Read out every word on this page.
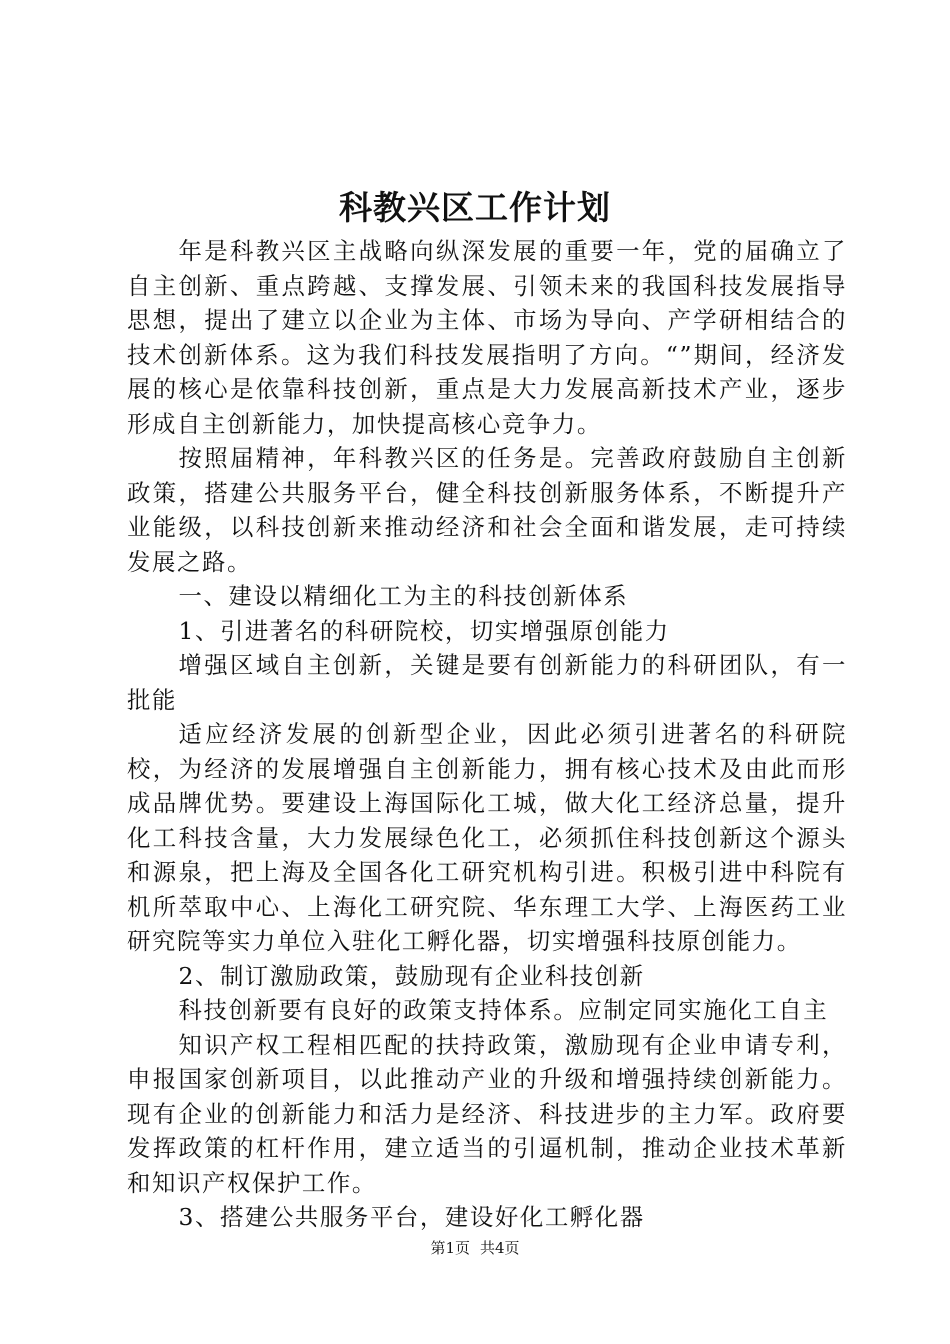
科教兴区工作计划

年是科教兴区主战略向纵深发展的重要一年，党的届确立了自主创新、重点跨越、支撑发展、引领未来的我国科技发展指导思想，提出了建立以企业为主体、市场为导向、产学研相结合的技术创新体系。这为我们科技发展指明了方向。“”期间，经济发展的核心是依靠科技创新，重点是大力发展高新技术产业，逐步形成自主创新能力，加快提高核心竞争力。

按照届精神，年科教兴区的任务是。完善政府鼓励自主创新政策，搭建公共服务平台，健全科技创新服务体系，不断提升产业能级，以科技创新来推动经济和社会全面和谐发展，走可持续发展之路。

一、建设以精细化工为主的科技创新体系

1、引进著名的科研院校，切实增强原创能力

增强区域自主创新，关键是要有创新能力的科研团队，有一批能

适应经济发展的创新型企业，因此必须引进著名的科研院校，为经济的发展增强自主创新能力，拥有核心技术及由此而形成品牌优势。要建设上海国际化工城，做大化工经济总量，提升化工科技含量，大力发展绿色化工，必须抓住科技创新这个源头和源泉，把上海及全国各化工研究机构引进。积极引进中科院有机所萃取中心、上海化工研究院、华东理工大学、上海医药工业研究院等实力单位入驻化工孵化器，切实增强科技原创能力。

2、制订激励政策，鼓励现有企业科技创新

科技创新要有良好的政策支持体系。应制定同实施化工自主

知识产权工程相匹配的扶持政策，激励现有企业申请专利，申报国家创新项目，以此推动产业的升级和增强持续创新能力。现有企业的创新能力和活力是经济、科技进步的主力军。政府要发挥政策的杠杆作用，建立适当的引逼机制，推动企业技术革新和知识产权保护工作。

3、搭建公共服务平台，建设好化工孵化器

第1页 共4页
